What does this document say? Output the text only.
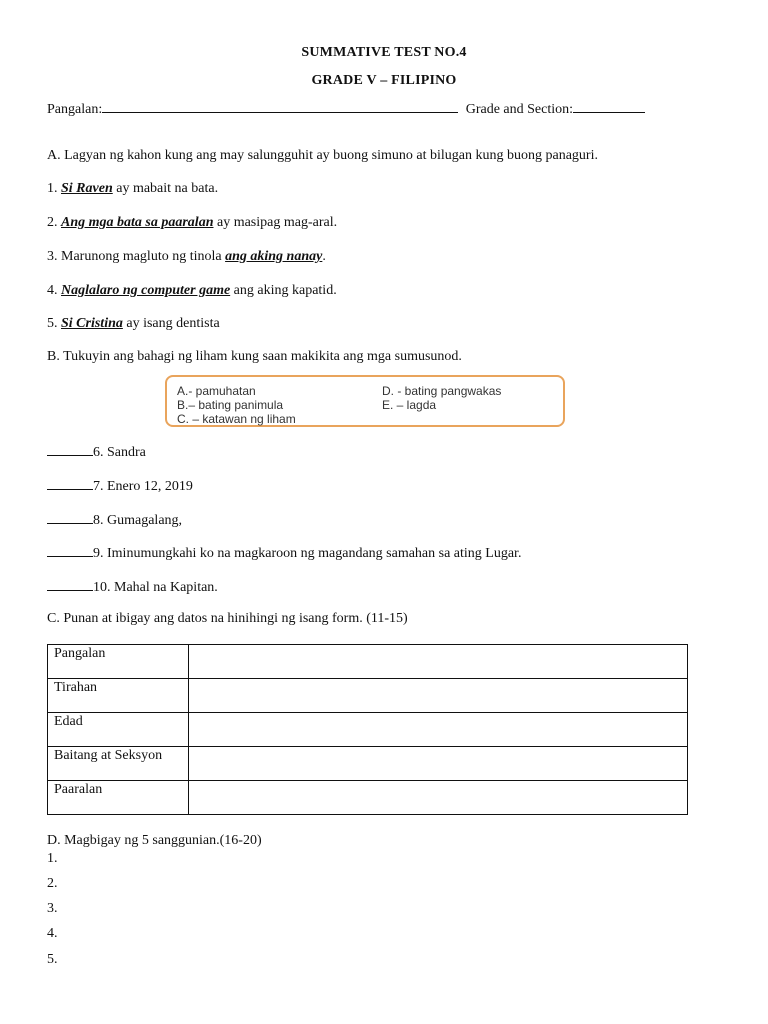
SUMMATIVE TEST NO.4
GRADE V – FILIPINO
Pangalan:	Grade and Section:
A. Lagyan ng kahon kung ang may salungguhit ay buong simuno at bilugan kung buong panaguri.
1. Si Raven ay mabait na bata.
2. Ang mga bata sa paaralan ay masipag mag-aral.
3. Marunong magluto ng tinola ang aking nanay.
4. Naglalaro ng computer game ang aking kapatid.
5. Si Cristina ay isang dentista
B. Tukuyin ang bahagi ng liham kung saan makikita ang mga sumusunod.
A.- pamuhatan
B.– bating panimula
C. – katawan ng liham
D. - bating pangwakas
E. – lagda
6. Sandra
7. Enero 12, 2019
8. Gumagalang,
9. Iminumungkahi ko na magkaroon ng magandang samahan sa ating Lugar.
10. Mahal na Kapitan.
C. Punan at ibigay ang datos na hinihingi ng isang form. (11-15)
Pangalan	
Tirahan	
Edad	
Baitang at Seksyon	
Paaralan	
D. Magbigay ng 5 sanggunian.(16-20)
1.
2.
3.
4.
5.
